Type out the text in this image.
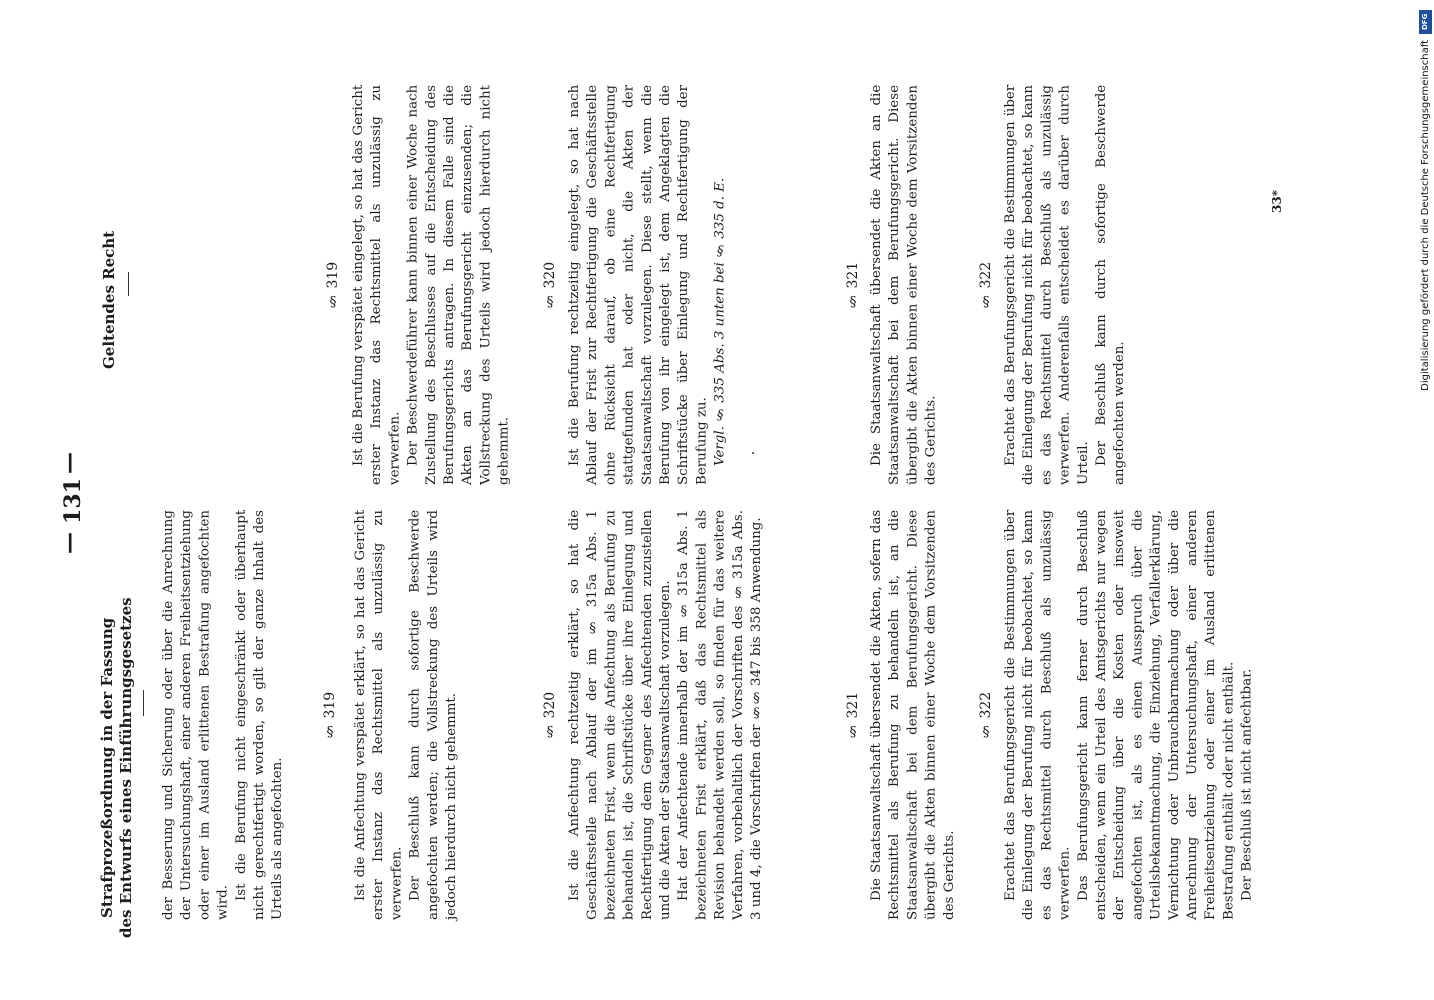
—
131
—
Strafprozeßordnung in der Fassung des Entwurfs eines Einführungsgesetzes der Besserung und Sicherung oder über die Anrechnung der Untersuchungshaft, einer anderen Freiheitsentziehung oder einer im Ausland erlittenen Bestrafung angefochten wird.

Ist die Berufung nicht eingeschränkt oder überhaupt nicht gerechtfertigt worden, so gilt der ganze Inhalt des Urteils als angefochten.

§ 319 Ist die Anfechtung verspätet erklärt, so hat das Gericht erster Instanz das Rechtsmittel als unzulässig zu verwerfen. Der Beschluß kann durch sofortige Beschwerde angefochten werden; die Vollstreckung des Urteils wird jedoch hierdurch nicht gehemmt.	§ 320 Ist die Anfechtung rechtzeitig erklärt, so hat die Geschäftsstelle nach Ablauf der im § 315a Abs. 1 bezeichneten Frist, wenn die Anfechtung als Berufung zu behandeln ist, die Schriftstücke über ihre Einlegung und Rechtfertigung dem Gegner des Anfechtenden zuzustellen und die Akten der Staatsanwaltschaft vorzulegen. Hat der Anfechtende innerhalb der im § 315a Abs. 1 bezeichneten Frist erklärt, daß das Rechtsmittel als Revision behandelt werden soll, so finden für das weitere Verfahren, vorbehaltlich der Vorschriften des § 315a Abs. 3 und 4, die Vorschriften der §§ 347 bis 358 Anwendung.	§ 321 Die Staatsanwaltschaft übersendet die Akten, sofern das Rechtsmittel als Berufung zu behandeln ist, an die Staatsanwaltschaft bei dem Berufungsgericht. Diese übergibt die Akten binnen einer Woche dem Vorsitzenden des Gerichts.

§ 322 Erachtet das Berufungsgericht die Bestimmungen über die Einlegung der Berufung nicht für beobachtet, so kann es das Rechtsmittel durch Beschluß als unzulässig verwerfen. Das Berufungsgericht kann ferner durch Beschluß entscheiden, wenn ein Urteil des Amtsgerichts nur wegen der Entscheidung über die Kosten oder insoweit angefochten ist, als es einen Ausspruch über die Urteilsbekanntmachung, die Einziehung, Verfallerklärung, Vernichtung oder Unbrauchbarmachung oder über die Anrechnung der Untersuchungshaft, einer anderen Freiheitsentziehung oder einer im Ausland erlittenen Bestrafung enthält oder nicht enthält. Der Beschluß ist nicht anfechtbar.

Geltendes Recht	§ 319 Ist die Berufung verspätet eingelegt, so hat das Gericht erster Instanz das Rechtsmittel als unzulässig zu verwerfen. Der Beschwerdeführer kann binnen einer Woche nach Zustellung des Beschlusses auf die Entscheidung des Berufungsgerichts antragen. In diesem Falle sind die Akten an das Berufungsgericht einzusenden; die Vollstreckung des Urteils wird jedoch hierdurch nicht gehemmt.

§ 320 Ist die Berufung rechtzeitig eingelegt, so hat nach Ablauf der Frist zur Rechtfertigung die Geschäftsstelle ohne Rücksicht darauf, ob eine Rechtfertigung stattgefunden hat oder nicht, die Akten der Staatsanwaltschaft vorzulegen. Diese stellt, wenn die Berufung von ihr eingelegt ist, dem Angeklagten die Schriftstücke über Einlegung und Rechtfertigung der Berufung zu. Vergl. § 335 Abs. 3 unten bei § 335 d. E.	§ 321 Die Staatsanwaltschaft übersendet die Akten an die Staatsanwaltschaft bei dem Berufungsgericht. Diese übergibt die Akten binnen einer Woche dem Vorsitzenden des Gerichts.

§ 322 Erachtet das Berufungsgericht die Bestimmungen über die Einlegung der Berufung nicht für beobachtet, so kann es das Rechtsmittel durch Beschluß als unzulässig verwerfen. Anderenfalls entscheidet es darüber durch Urteil. Der Beschluß kann durch sofortige Beschwerde angefochten werden.

33*
DFG
Digitalisierung gefördert durch die Deutsche Forschungsgemeinschaft
